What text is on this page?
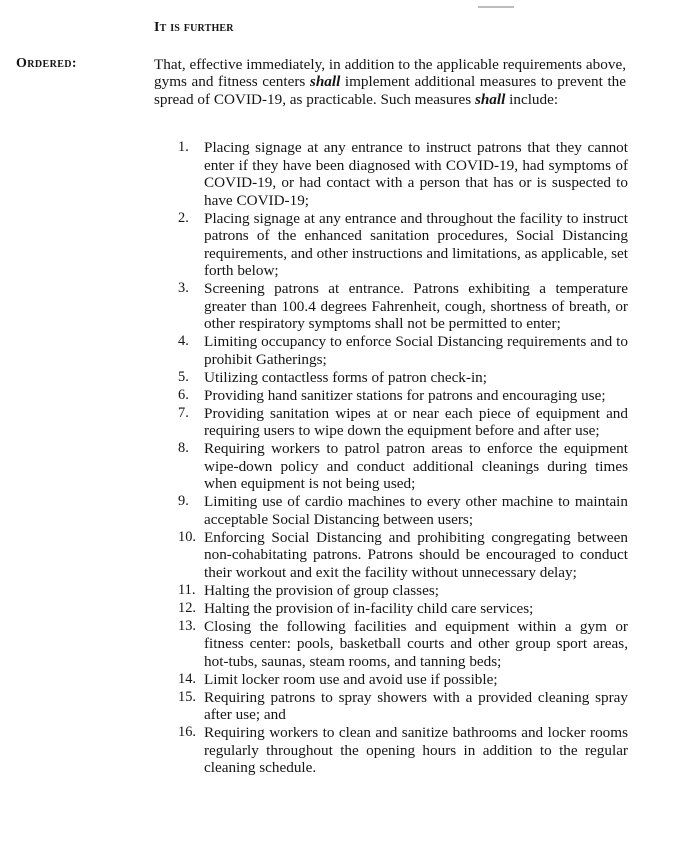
It is further
Ordered:	That, effective immediately, in addition to the applicable requirements above, gyms and fitness centers shall implement additional measures to prevent the spread of COVID-19, as practicable. Such measures shall include:

1.	Placing signage at any entrance to instruct patrons that they cannot enter if they have been diagnosed with COVID-19, had symptoms of COVID-19, or had contact with a person that has or is suspected to have COVID-19;
2.	Placing signage at any entrance and throughout the facility to instruct patrons of the enhanced sanitation procedures, Social Distancing requirements, and other instructions and limitations, as applicable, set forth below;
3.	Screening patrons at entrance. Patrons exhibiting a temperature greater than 100.4 degrees Fahrenheit, cough, shortness of breath, or other respiratory symptoms shall not be permitted to enter;
4.	Limiting occupancy to enforce Social Distancing requirements and to prohibit Gatherings;
5.	Utilizing contactless forms of patron check-in;
6.	Providing hand sanitizer stations for patrons and encouraging use;
7.	Providing sanitation wipes at or near each piece of equipment and requiring users to wipe down the equipment before and after use;
8.	Requiring workers to patrol patron areas to enforce the equipment wipe-down policy and conduct additional cleanings during times when equipment is not being used;
9.	Limiting use of cardio machines to every other machine to maintain acceptable Social Distancing between users;
10. Enforcing Social Distancing and prohibiting congregating between non-cohabitating patrons. Patrons should be encouraged to conduct their workout and exit the facility without unnecessary delay;
11. Halting the provision of group classes;
12. Halting the provision of in-facility child care services;
13. Closing the following facilities and equipment within a gym or fitness center: pools, basketball courts and other group sport areas, hot-tubs, saunas, steam rooms, and tanning beds;
14. Limit locker room use and avoid use if possible;
15. Requiring patrons to spray showers with a provided cleaning spray after use; and
16. Requiring workers to clean and sanitize bathrooms and locker rooms regularly throughout the opening hours in addition to the regular cleaning schedule.
